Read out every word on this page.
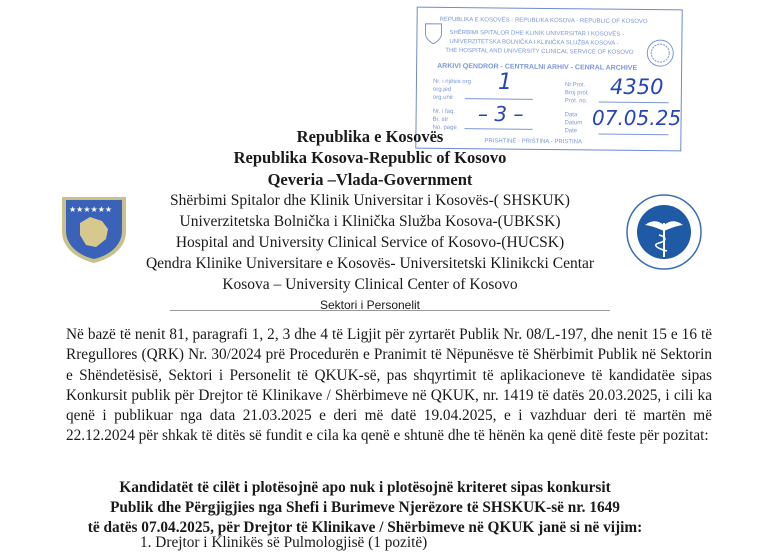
REPUBLIKA E KOSOVËS - REPUBLIKA KOSOVA - REPUBLIC OF KOSOVO
SHËRBIMI SPITALOR DHE KLINIK UNIVERSITAR I KOSOVËS -
UNIVERZITETSKA BOLNIČKA I KLINIČKA SLUŽBA KOSOVA -
THE HOSPITAL AND UNIVERSITY CLINICAL SERVICE OF KOSOVO
ARKIVI QENDROR - CENTRALNI ARHIV - CENRAL ARCHIVE
Nr. i njësis org
org.jed
org.unit
Nr. i faq.
Br. str
No. page
Nr.Prot.
Broj prot.
Prot. no.
Data
Datum
Date
PRISHTINË - PRIŠTINA - PRISTINA
1
– 3 –
4350
07.05.25
Republika e Kosovës
Republika Kosova-Republic of Kosovo
Qeveria –Vlada-Government
Shërbimi Spitalor dhe Klinik Universitar i Kosovës-( SHSKUK)
Univerzitetska Bolnička i Klinička Služba Kosova-(UBKSK)
Hospital and University Clinical Service of Kosovo-(HUCSK)
Qendra Klinike Universitare e Kosovës- Universitetski Klinikcki Centar
Kosova – University Clinical Center of Kosovo
Sektori i Personelit
★★★★★★
Në bazë të nenit 81, paragrafi 1, 2, 3 dhe 4 të Ligjit për zyrtarët Publik Nr. 08/L-197, dhe nenit 15 e 16 të Rregullores (QRK) Nr. 30/2024 prë Procedurën e Pranimit të Nëpunësve të Shërbimit Publik në Sektorin e Shëndetësisë, Sektori i Personelit të QKUK-së, pas shqyrtimit të aplikacioneve të kandidatëe sipas Konkursit publik për Drejtor të Klinikave / Shërbimeve në QKUK, nr. 1419 të datës 20.03.2025, i cili ka qenë i publikuar nga data 21.03.2025 e deri më datë 19.04.2025, e i vazhduar deri të martën më 22.12.2024 për shkak të ditës së fundit e cila ka qenë e shtunë dhe të hënën ka qenë ditë feste për pozitat:
Kandidatët të cilët i plotësojnë apo nuk i plotësojnë kriteret sipas konkursit
Publik dhe Përgjigjies nga Shefi i Burimeve Njerëzore të SHSKUK-së nr. 1649
të datës 07.04.2025, për Drejtor të Klinikave / Shërbimeve në QKUK janë si në vijim:
1. Drejtor i Klinikës së Pulmologjisë (1 pozitë)
